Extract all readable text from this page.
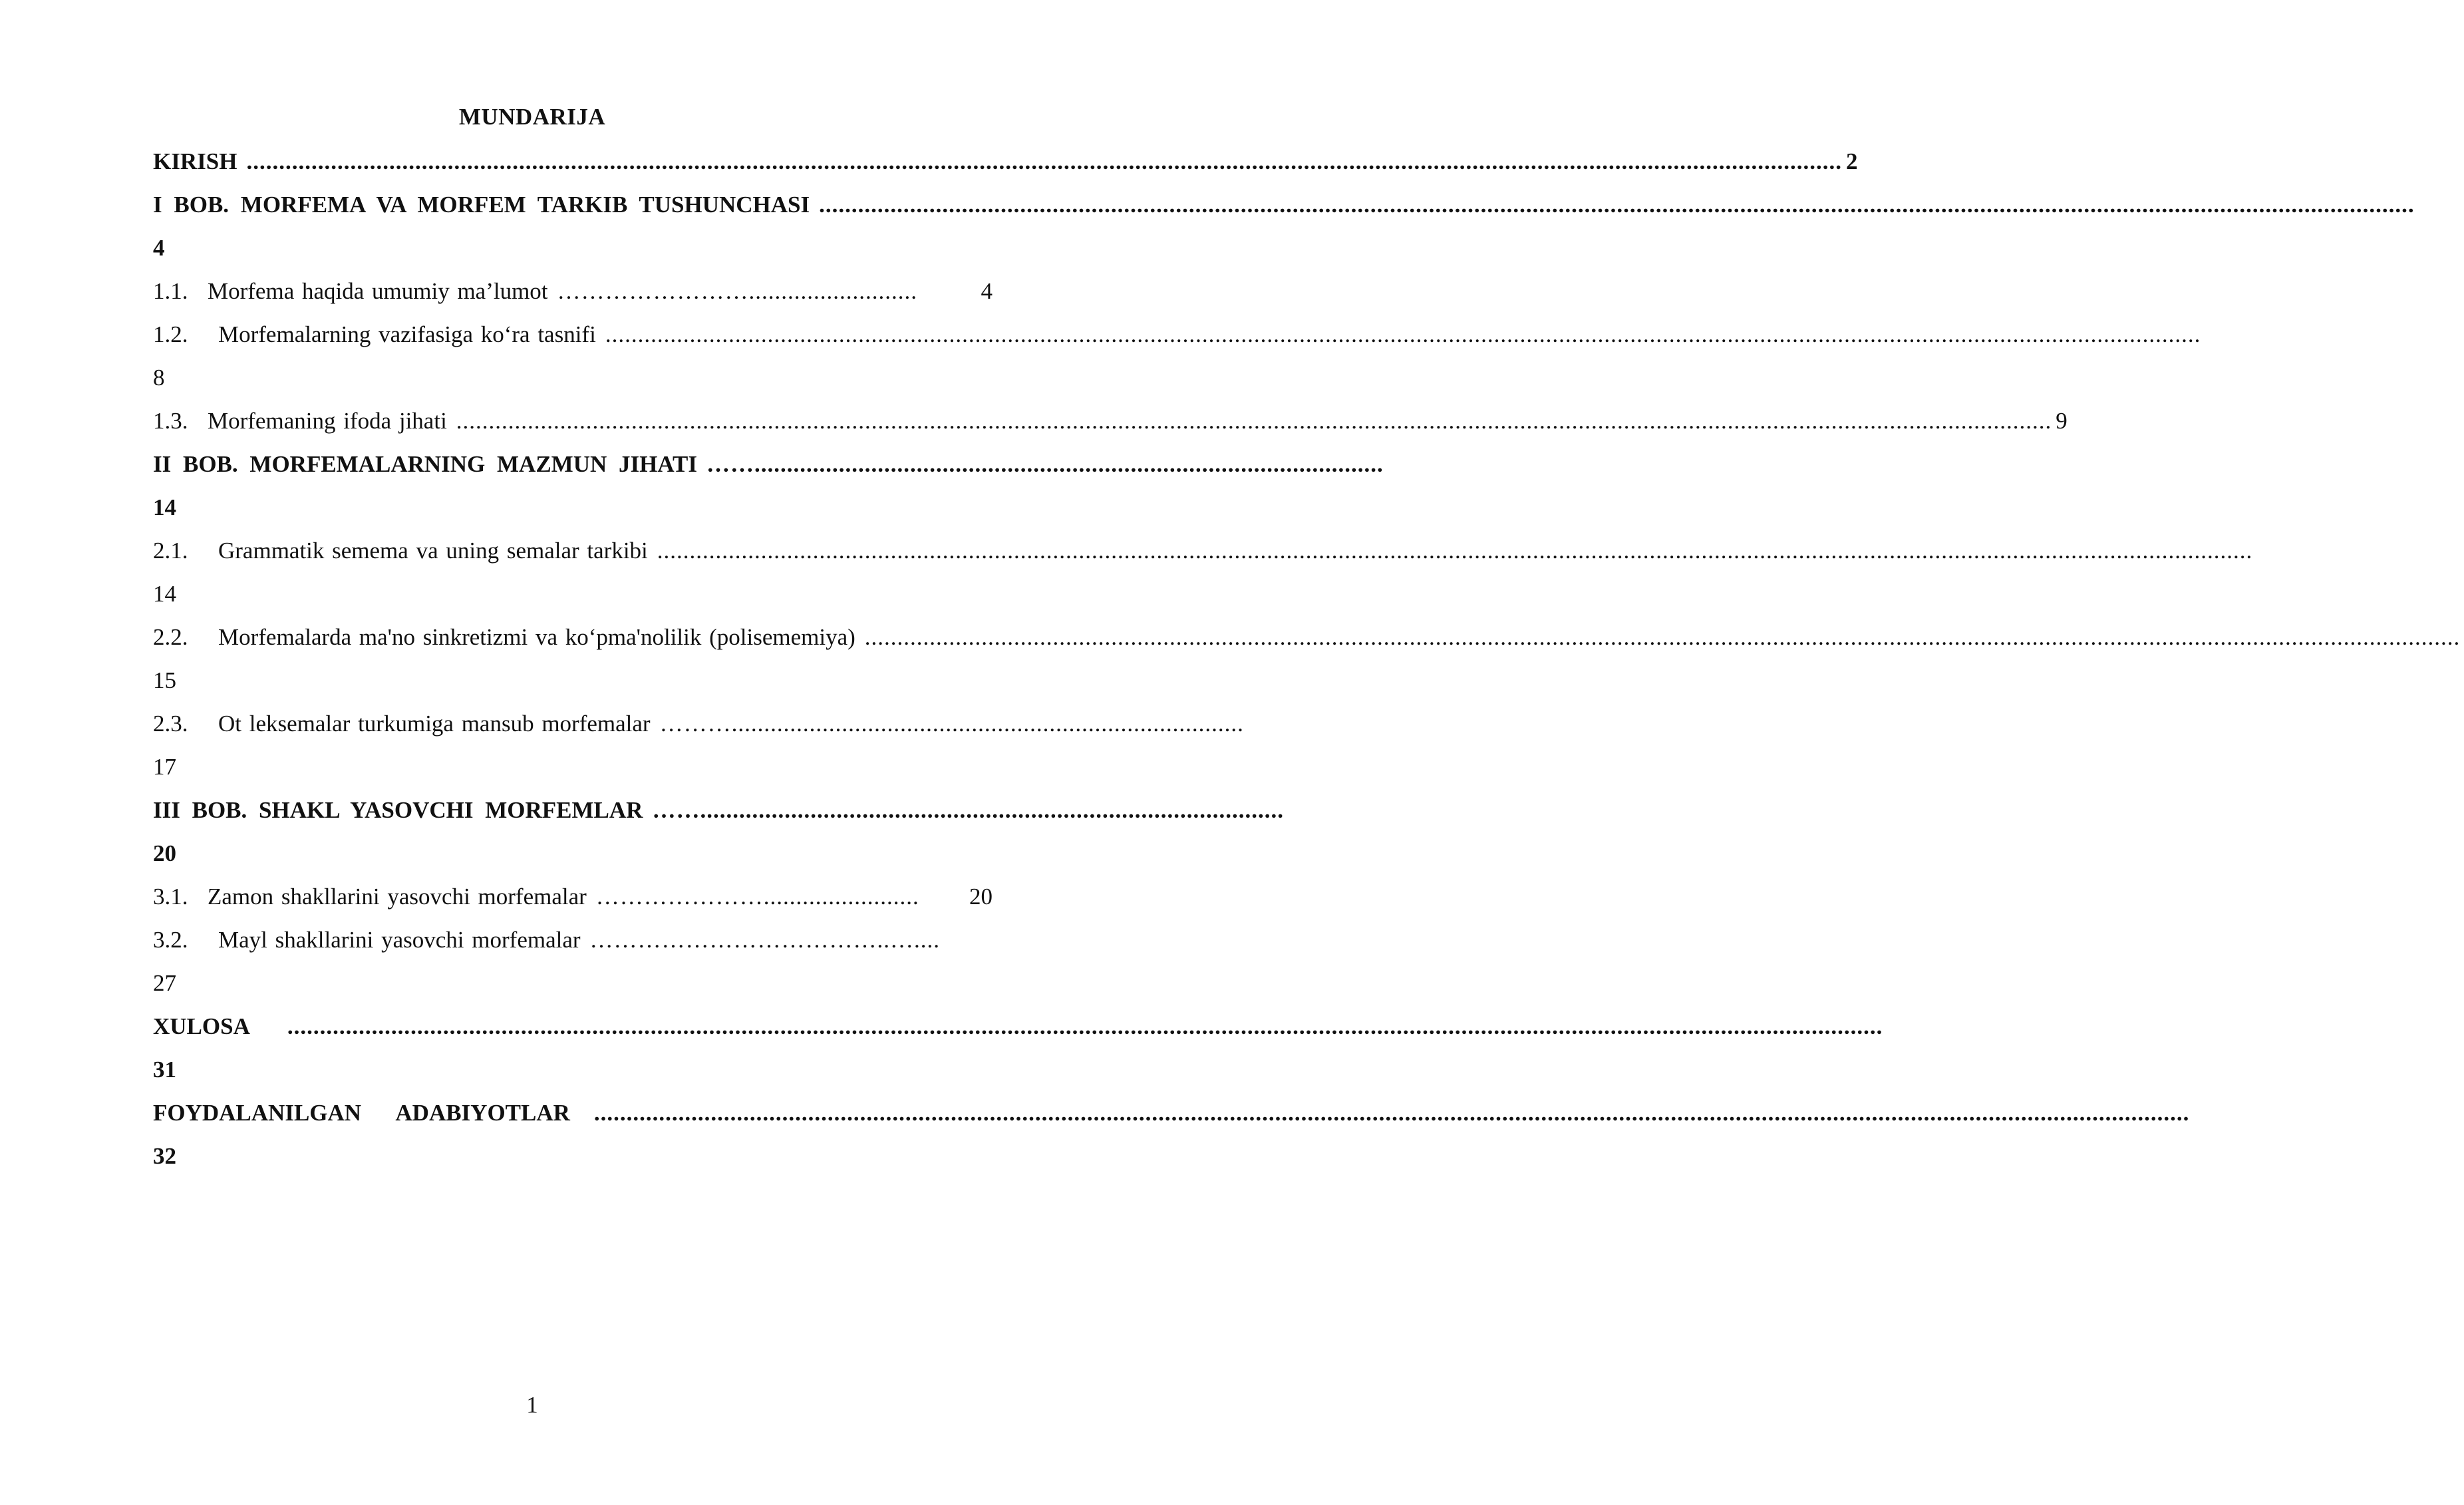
MUNDARIJA
KIRISH ...................................................................................................................................................................................................................................................... 2
I BOB. MORFEMA VA MORFEM TARKIB TUSHUNCHASI ......................................................................................................................................................................................................................................................
4
1.1. Morfema haqida umumiy ma’lumot ……………………..........................	4
1.2.	Morfemalarning vazifasiga ko‘ra tasnifi ......................................................................................................................................................................................................................................................
8
1.3. Morfemaning ifoda jihati ...................................................................................................................................................................................................................................................... 9
II BOB. MORFEMALARNING MAZMUN JIHATI …….................................................................................................
14
2.1.	Grammatik semema va uning semalar tarkibi ......................................................................................................................................................................................................................................................
14
2.2.	Morfemalarda ma'no sinkretizmi va ko‘pma'nolilik (polisememiya) ......................................................................................................................................................................................................................................................
15
2.3.	Ot leksemalar turkumiga mansub morfemalar ………...............................................................................
17
III BOB. SHAKL YASOVCHI MORFEMLAR ……..........................................................................................
20
3.1. Zamon shakllarini yasovchi morfemalar …………………........................	20
3.2.	Mayl shakllarini yasovchi morfemalar ………………………………..…....
27
XULOSA	......................................................................................................................................................................................................................................................
31
FOYDALANILGAN   ADABIYOTLAR	......................................................................................................................................................................................................................................................
32
1
